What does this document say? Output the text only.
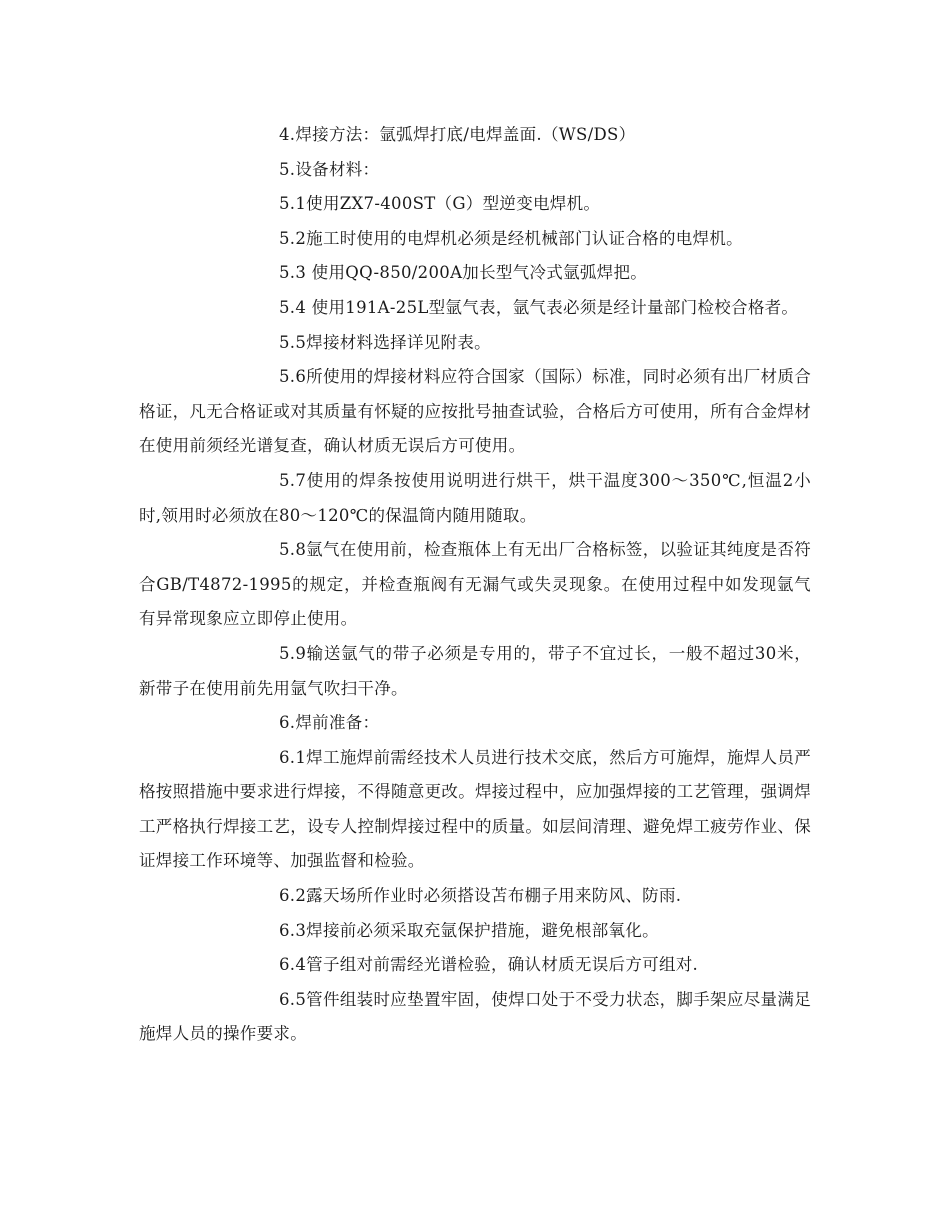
4.焊接方法：氩弧焊打底/电焊盖面.（WS/DS）

5.设备材料：

5.1使用ZX7-400ST（G）型逆变电焊机。

5.2施工时使用的电焊机必须是经机械部门认证合格的电焊机。

5.3 使用QQ-850/200A加长型气冷式氩弧焊把。

5.4 使用191A-25L型氩气表，氩气表必须是经计量部门检校合格者。

5.5焊接材料选择详见附表。

5.6所使用的焊接材料应符合国家（国际）标准，同时必须有出厂材质合格证，凡无合格证或对其质量有怀疑的应按批号抽查试验，合格后方可使用，所有合金焊材在使用前须经光谱复查，确认材质无误后方可使用。

5.7使用的焊条按使用说明进行烘干，烘干温度300～350℃,恒温2小时,领用时必须放在80～120℃的保温筒内随用随取。

5.8氩气在使用前，检查瓶体上有无出厂合格标签，以验证其纯度是否符合GB/T4872-1995的规定，并检查瓶阀有无漏气或失灵现象。在使用过程中如发现氩气有异常现象应立即停止使用。

5.9输送氩气的带子必须是专用的，带子不宜过长，一般不超过30米，新带子在使用前先用氩气吹扫干净。

6.焊前准备：

6.1焊工施焊前需经技术人员进行技术交底，然后方可施焊，施焊人员严格按照措施中要求进行焊接，不得随意更改。焊接过程中，应加强焊接的工艺管理，强调焊工严格执行焊接工艺，设专人控制焊接过程中的质量。如层间清理、避免焊工疲劳作业、保证焊接工作环境等、加强监督和检验。

6.2露天场所作业时必须搭设苫布棚子用来防风、防雨.

6.3焊接前必须采取充氩保护措施，避免根部氧化。

6.4管子组对前需经光谱检验，确认材质无误后方可组对.

6.5管件组装时应垫置牢固，使焊口处于不受力状态，脚手架应尽量满足施焊人员的操作要求。
